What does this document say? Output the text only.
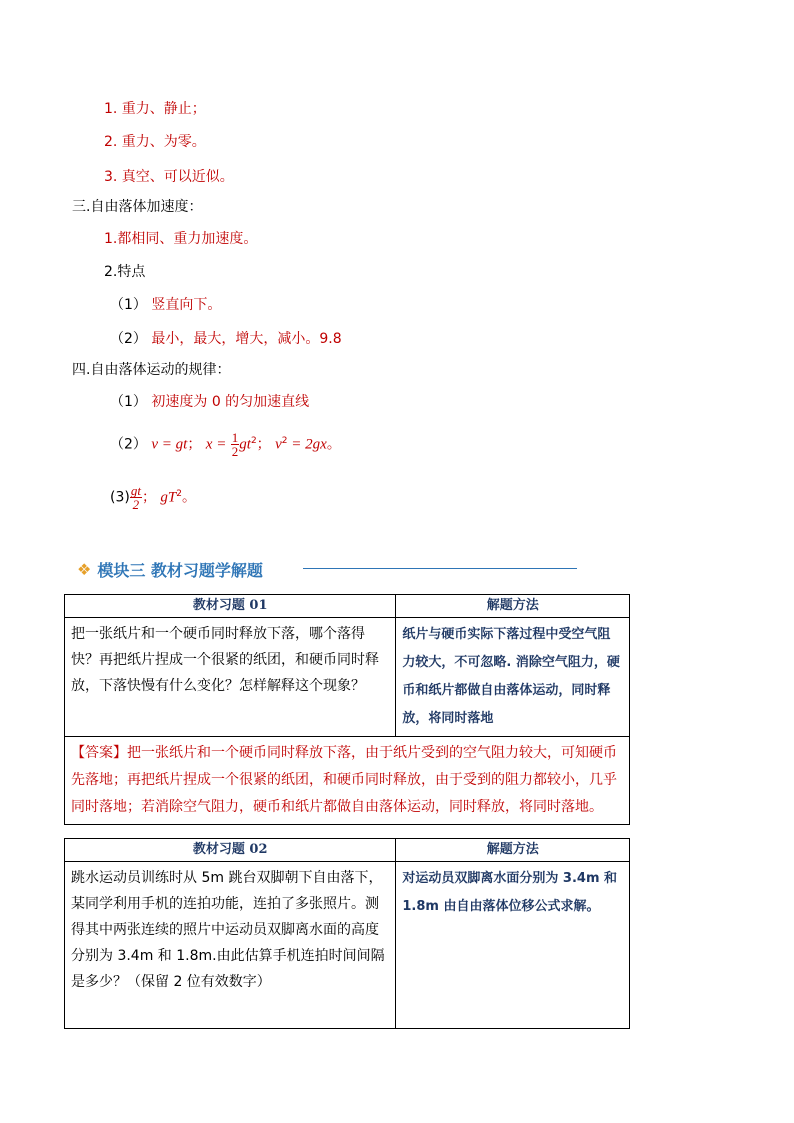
1. 重力、静止；
2. 重力、为零。
3. 真空、可以近似。
三.自由落体加速度：
1.都相同、重力加速度。
2.特点
（1） 竖直向下。
（2） 最小，最大，增大，减小。9.8
四.自由落体运动的规律：
（1） 初速度为 0 的匀加速直线
（2） v = gt； $x = \frac{1}{2} gt^2$； $v^2 = 2gx$。
$(3) \frac{gt}{2}$ ； $gT^2$。
❖ 模块三 教材习题学解题
教材习题 01	解题方法
把一张纸片和一个硬币同时释放下落，哪个落得快？再把纸片捏成一个很紧的纸团，和硬币同时释放，下落快慢有什么变化？怎样解释这个现象？	纸片与硬币实际下落过程中受空气阻力较大，不可忽略. 消除空气阻力，硬币和纸片都做自由落体运动，同时释放，将同时落地
【答案】把一张纸片和一个硬币同时释放下落，由于纸片受到的空气阻力较大，可知硬币先落地；再把纸片捏成一个很紧的纸团，和硬币同时释放，由于受到的阻力都较小，几乎同时落地；若消除空气阻力，硬币和纸片都做自由落体运动，同时释放，将同时落地。	
教材习题 02	解题方法
跳水运动员训练时从 5m 跳台双脚朝下自由落下，某同学利用手机的连拍功能，连拍了多张照片。测得其中两张连续的照片中运动员双脚离水面的高度分别为 3.4m 和 1.8m.由此估算手机连拍时间间隔是多少？（保留 2 位有效数字）	对运动员双脚离水面分别为 3.4m 和 1.8m 由自由落体位移公式求解。
